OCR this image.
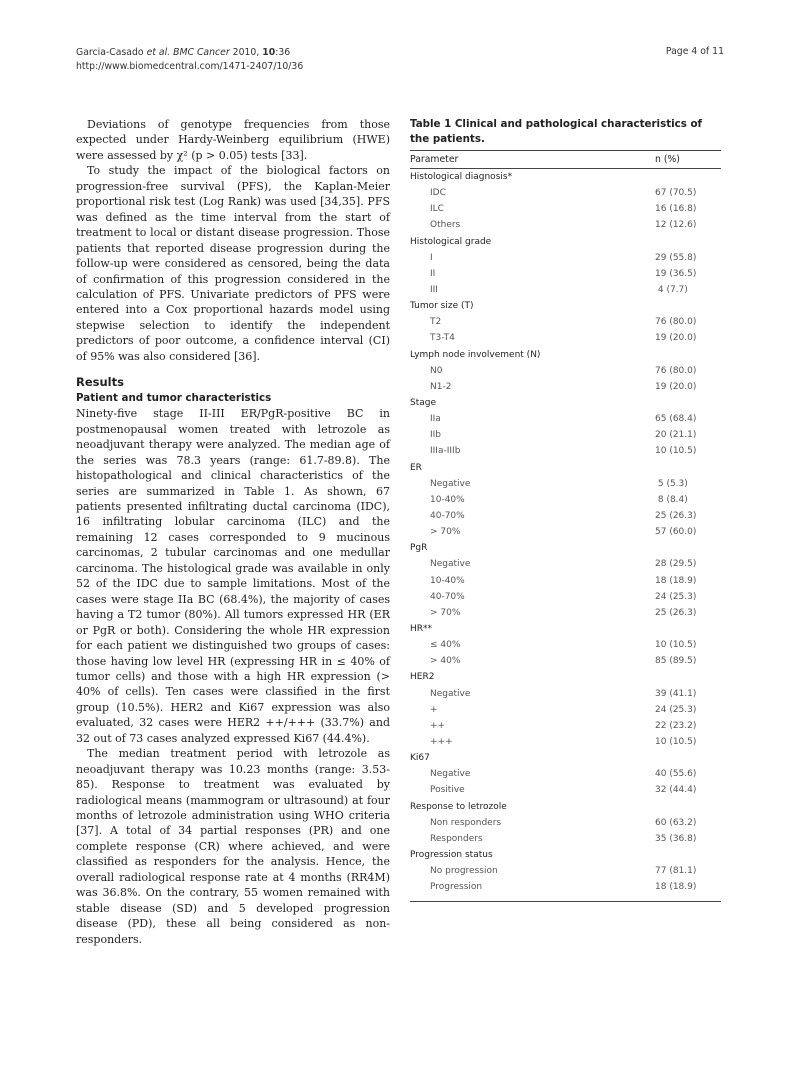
Garcia-Casado et al. BMC Cancer 2010, 10:36
http://www.biomedcentral.com/1471-2407/10/36
Page 4 of 11

Deviations of genotype frequencies from those expected under Hardy-Weinberg equilibrium (HWE) were assessed by χ² (p > 0.05) tests [33].

To study the impact of the biological factors on progression-free survival (PFS), the Kaplan-Meier proportional risk test (Log Rank) was used [34,35]. PFS was defined as the time interval from the start of treatment to local or distant disease progression. Those patients that reported disease progression during the follow-up were considered as censored, being the data of confirmation of this progression considered in the calculation of PFS. Univariate predictors of PFS were entered into a Cox proportional hazards model using stepwise selection to identify the independent predictors of poor outcome, a confidence interval (CI) of 95% was also considered [36].

Results
Patient and tumor characteristics

Ninety-five stage II-III ER/PgR-positive BC in postmenopausal women treated with letrozole as neoadjuvant therapy were analyzed. The median age of the series was 78.3 years (range: 61.7-89.8). The histopathological and clinical characteristics of the series are summarized in Table 1. As shown, 67 patients presented infiltrating ductal carcinoma (IDC), 16 infiltrating lobular carcinoma (ILC) and the remaining 12 cases corresponded to 9 mucinous carcinomas, 2 tubular carcinomas and one medullar carcinoma. The histological grade was available in only 52 of the IDC due to sample limitations. Most of the cases were stage IIa BC (68.4%), the majority of cases having a T2 tumor (80%). All tumors expressed HR (ER or PgR or both). Considering the whole HR expression for each patient we distinguished two groups of cases: those having low level HR (expressing HR in ≤ 40% of tumor cells) and those with a high HR expression (> 40% of cells). Ten cases were classified in the first group (10.5%). HER2 and Ki67 expression was also evaluated, 32 cases were HER2 ++/+++ (33.7%) and 32 out of 73 cases analyzed expressed Ki67 (44.4%).

The median treatment period with letrozole as neoadjuvant therapy was 10.23 months (range: 3.53-85). Response to treatment was evaluated by radiological means (mammogram or ultrasound) at four months of letrozole administration using WHO criteria [37]. A total of 34 partial responses (PR) and one complete response (CR) where achieved, and were classified as responders for the analysis. Hence, the overall radiological response rate at 4 months (RR4M) was 36.8%. On the contrary, 55 women remained with stable disease (SD) and 5 developed progression disease (PD), these all being considered as non-responders.

Table 1 Clinical and pathological characteristics of the patients.
Parameter	n (%)
Histological diagnosis*
IDC	67 (70.5)
ILC	16 (16.8)
Others	12 (12.6)
Histological grade
I	29 (55.8)
II	19 (36.5)
III	4 (7.7)
Tumor size (T)
T2	76 (80.0)
T3-T4	19 (20.0)
Lymph node involvement (N)
N0	76 (80.0)
N1-2	19 (20.0)
Stage
IIa	65 (68.4)
IIb	20 (21.1)
IIIa-IIIb	10 (10.5)
ER
Negative	5 (5.3)
10-40%	8 (8.4)
40-70%	25 (26.3)
> 70%	57 (60.0)
PgR
Negative	28 (29.5)
10-40%	18 (18.9)
40-70%	24 (25.3)
> 70%	25 (26.3)
HR**
≤ 40%	10 (10.5)
> 40%	85 (89.5)
HER2
Negative	39 (41.1)
+	24 (25.3)
++	22 (23.2)
+++	10 (10.5)
Ki67
Negative	40 (55.6)
Positive	32 (44.4)
Response to letrozole
Non responders	60 (63.2)
Responders	35 (36.8)
Progression status
No progression	77 (81.1)
Progression	18 (18.9)
